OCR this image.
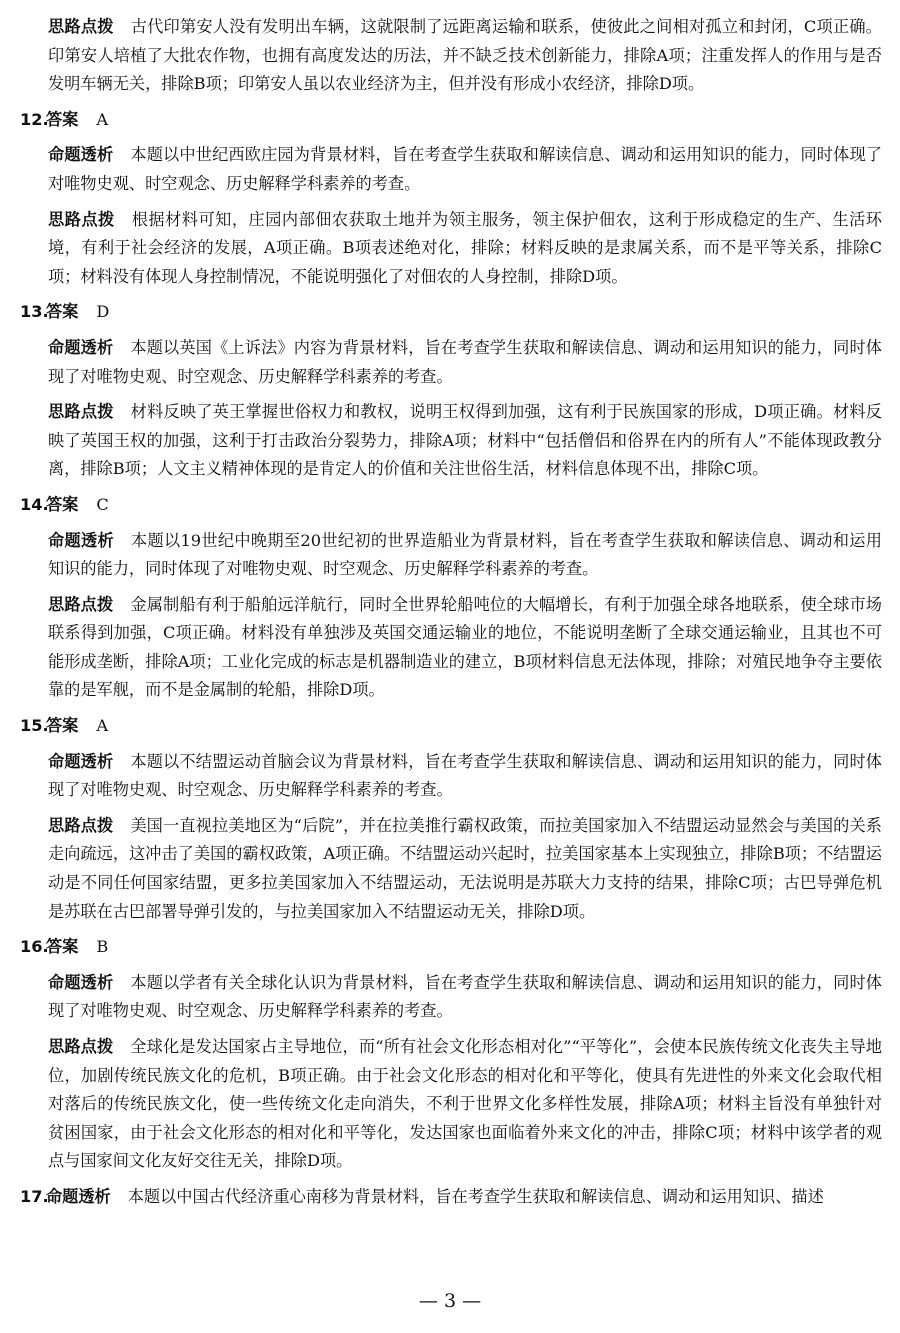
思路点拨 古代印第安人没有发明出车辆，这就限制了远距离运输和联系，使彼此之间相对孤立和封闭，C项正确。印第安人培植了大批农作物，也拥有高度发达的历法，并不缺乏技术创新能力，排除A项；注重发挥人的作用与是否发明车辆无关，排除B项；印第安人虽以农业经济为主，但并没有形成小农经济，排除D项。

12.答案 A

命题透析 本题以中世纪西欧庄园为背景材料，旨在考查学生获取和解读信息、调动和运用知识的能力，同时体现了对唯物史观、时空观念、历史解释学科素养的考查。

思路点拨 根据材料可知，庄园内部佃农获取土地并为领主服务，领主保护佃农，这利于形成稳定的生产、生活环境，有利于社会经济的发展，A项正确。B项表述绝对化，排除；材料反映的是隶属关系，而不是平等关系，排除C项；材料没有体现人身控制情况，不能说明强化了对佃农的人身控制，排除D项。

13.答案 D

命题透析 本题以英国《上诉法》内容为背景材料，旨在考查学生获取和解读信息、调动和运用知识的能力，同时体现了对唯物史观、时空观念、历史解释学科素养的考查。

思路点拨 材料反映了英王掌握世俗权力和教权，说明王权得到加强，这有利于民族国家的形成，D项正确。材料反映了英国王权的加强，这利于打击政治分裂势力，排除A项；材料中“包括僧侣和俗界在内的所有人”不能体现政教分离，排除B项；人文主义精神体现的是肯定人的价值和关注世俗生活，材料信息体现不出，排除C项。

14.答案 C

命题透析 本题以19世纪中晚期至20世纪初的世界造船业为背景材料，旨在考查学生获取和解读信息、调动和运用知识的能力，同时体现了对唯物史观、时空观念、历史解释学科素养的考查。

思路点拨 金属制船有利于船舶远洋航行，同时全世界轮船吨位的大幅增长，有利于加强全球各地联系，使全球市场联系得到加强，C项正确。材料没有单独涉及英国交通运输业的地位，不能说明垄断了全球交通运输业，且其也不可能形成垄断，排除A项；工业化完成的标志是机器制造业的建立，B项材料信息无法体现，排除；对殖民地争夺主要依靠的是军舰，而不是金属制的轮船，排除D项。

15.答案 A

命题透析 本题以不结盟运动首脑会议为背景材料，旨在考查学生获取和解读信息、调动和运用知识的能力，同时体现了对唯物史观、时空观念、历史解释学科素养的考查。

思路点拨 美国一直视拉美地区为“后院”，并在拉美推行霸权政策，而拉美国家加入不结盟运动显然会与美国的关系走向疏远，这冲击了美国的霸权政策，A项正确。不结盟运动兴起时，拉美国家基本上实现独立，排除B项；不结盟运动是不同任何国家结盟，更多拉美国家加入不结盟运动，无法说明是苏联大力支持的结果，排除C项；古巴导弹危机是苏联在古巴部署导弹引发的，与拉美国家加入不结盟运动无关，排除D项。

16.答案 B

命题透析 本题以学者有关全球化认识为背景材料，旨在考查学生获取和解读信息、调动和运用知识的能力，同时体现了对唯物史观、时空观念、历史解释学科素养的考查。

思路点拨 全球化是发达国家占主导地位，而“所有社会文化形态相对化”“平等化”，会使本民族传统文化丧失主导地位，加剧传统民族文化的危机，B项正确。由于社会文化形态的相对化和平等化，使具有先进性的外来文化会取代相对落后的传统民族文化，使一些传统文化走向消失，不利于世界文化多样性发展，排除A项；材料主旨没有单独针对贫困国家，由于社会文化形态的相对化和平等化，发达国家也面临着外来文化的冲击，排除C项；材料中该学者的观点与国家间文化友好交往无关，排除D项。

17.命题透析 本题以中国古代经济重心南移为背景材料，旨在考查学生获取和解读信息、调动和运用知识、描述

— 3 —
